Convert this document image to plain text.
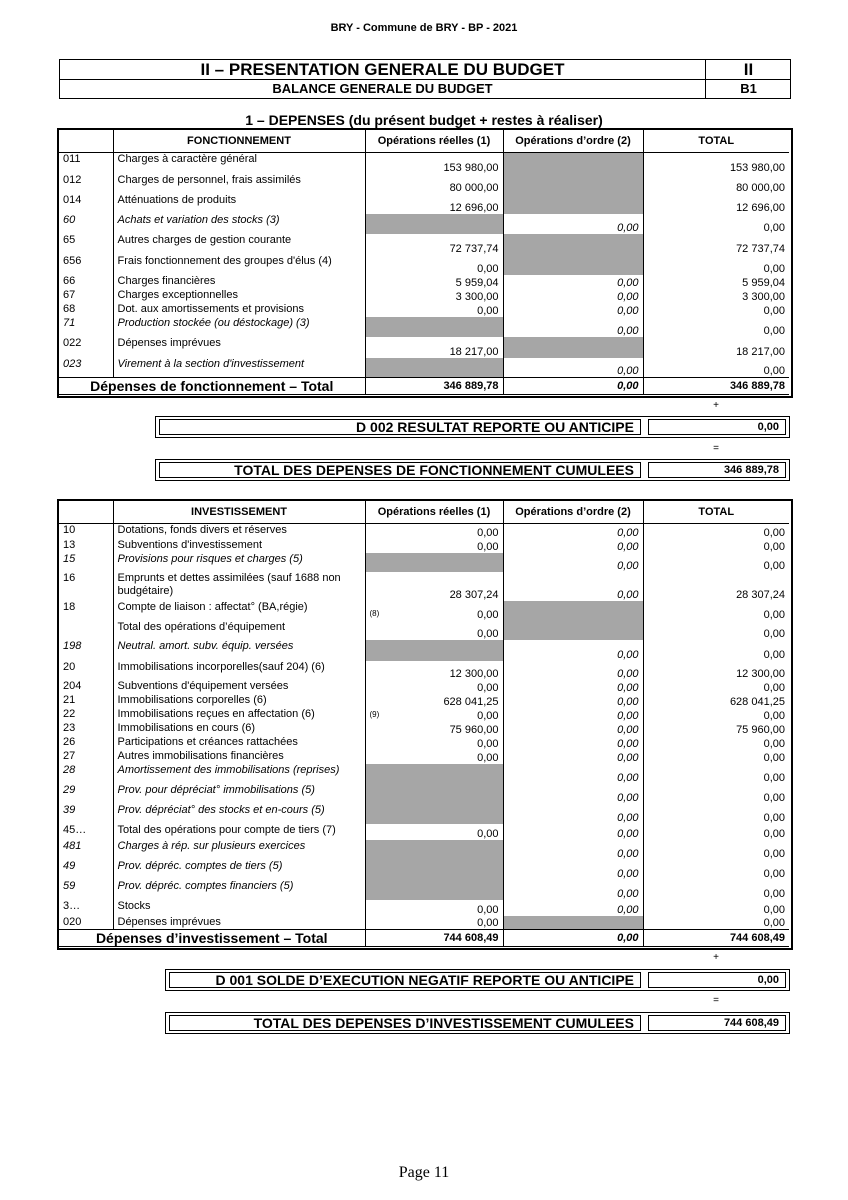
BRY - Commune de BRY - BP - 2021
II – PRESENTATION GENERALE DU BUDGET	II
BALANCE GENERALE DU BUDGET	B1
1 – DEPENSES (du présent budget + restes à réaliser)
	FONCTIONNEMENT	Opérations réelles (1)	Opérations d’ordre (2)	TOTAL
011	Charges à caractère général	153 980,00		153 980,00
012	Charges de personnel, frais assimilés	80 000,00		80 000,00
014	Atténuations de produits	12 696,00		12 696,00
60	Achats et variation des stocks (3)		0,00	0,00
65	Autres charges de gestion courante	72 737,74		72 737,74
656	Frais fonctionnement des groupes d'élus (4)	0,00		0,00
66	Charges financières	5 959,04	0,00	5 959,04
67	Charges exceptionnelles	3 300,00	0,00	3 300,00
68	Dot. aux amortissements et provisions	0,00	0,00	0,00
71	Production stockée (ou déstockage) (3)		0,00	0,00
022	Dépenses imprévues	18 217,00		18 217,00
023	Virement à la section d'investissement		0,00	0,00
Dépenses de fonctionnement – Total		346 889,78	0,00	346 889,78
+
D 002 RESULTAT REPORTE OU ANTICIPE	0,00
=
TOTAL DES DEPENSES DE FONCTIONNEMENT CUMULEES	346 889,78
	INVESTISSEMENT	Opérations réelles (1)	Opérations d’ordre (2)	TOTAL
10	Dotations, fonds divers et réserves	0,00	0,00	0,00
13	Subventions d'investissement	0,00	0,00	0,00
15	Provisions pour risques et charges (5)		0,00	0,00
16	Emprunts et dettes assimilées (sauf 1688 non budgétaire)	28 307,24	0,00	28 307,24
18	Compte de liaison : affectat° (BA,régie)	(8) 0,00		0,00
	Total des opérations d’équipement	0,00		0,00
198	Neutral. amort. subv. équip. versées		0,00	0,00
20	Immobilisations incorporelles(sauf 204) (6)	12 300,00	0,00	12 300,00
204	Subventions d'équipement versées	0,00	0,00	0,00
21	Immobilisations corporelles (6)	628 041,25	0,00	628 041,25
22	Immobilisations reçues en affectation (6)	(9) 0,00	0,00	0,00
23	Immobilisations en cours (6)	75 960,00	0,00	75 960,00
26	Participations et créances rattachées	0,00	0,00	0,00
27	Autres immobilisations financières	0,00	0,00	0,00
28	Amortissement des immobilisations (reprises)		0,00	0,00
29	Prov. pour dépréciat° immobilisations (5)		0,00	0,00
39	Prov. dépréciat° des stocks et en-cours (5)		0,00	0,00
45…	Total des opérations pour compte de tiers (7)	0,00	0,00	0,00
481	Charges à rép. sur plusieurs exercices		0,00	0,00
49	Prov. dépréc. comptes de tiers (5)		0,00	0,00
59	Prov. dépréc. comptes financiers (5)		0,00	0,00
3…	Stocks	0,00	0,00	0,00
020	Dépenses imprévues	0,00		0,00
Dépenses d’investissement – Total		744 608,49	0,00	744 608,49
+
D 001 SOLDE D’EXECUTION NEGATIF REPORTE OU ANTICIPE	0,00
=
TOTAL DES DEPENSES D’INVESTISSEMENT CUMULEES	744 608,49
Page 11
